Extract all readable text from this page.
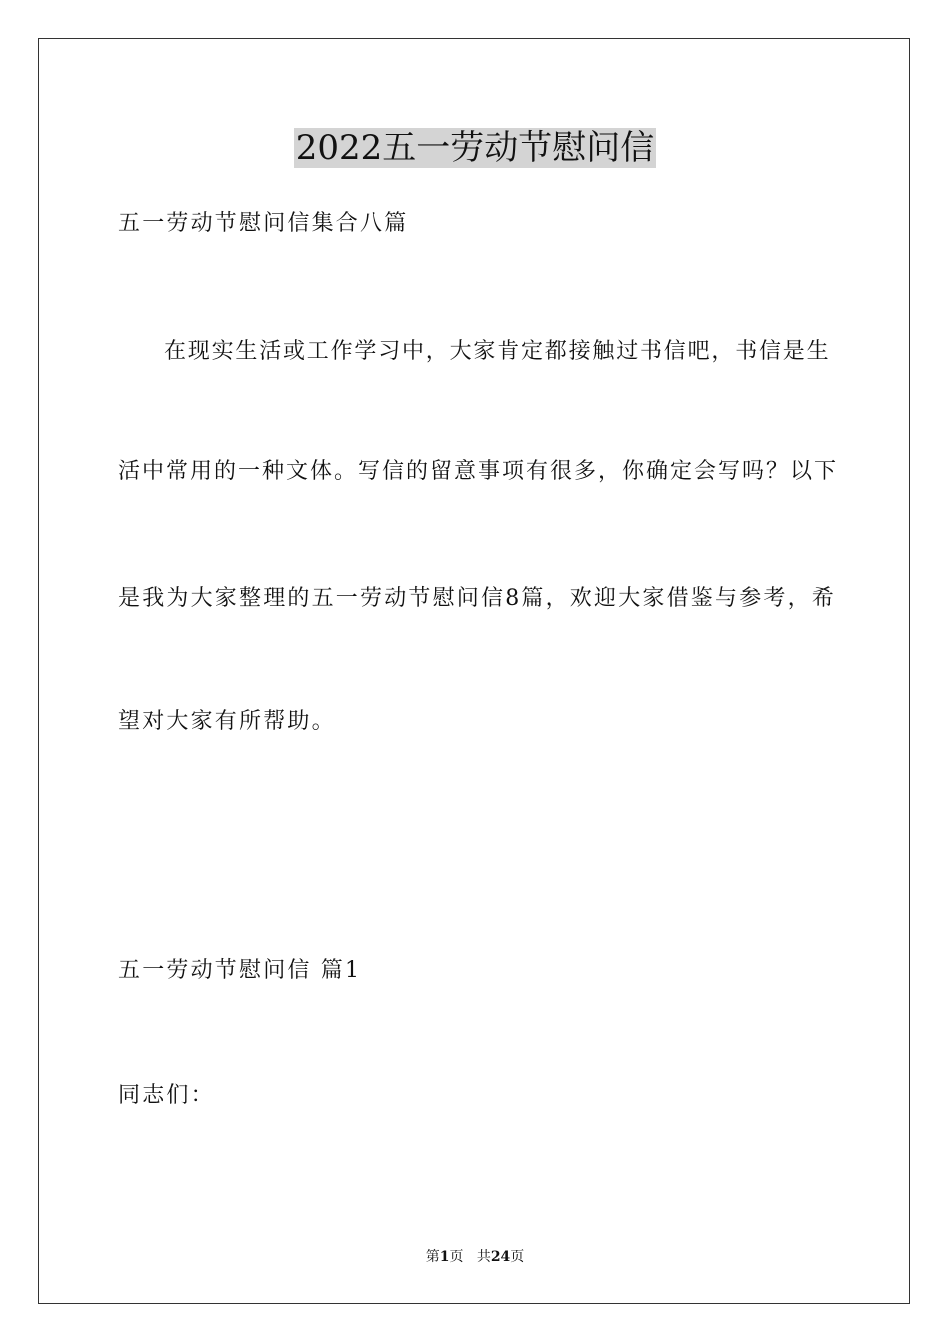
2022五一劳动节慰问信
五一劳动节慰问信集合八篇
在现实生活或工作学习中，大家肯定都接触过书信吧，书信是生
活中常用的一种文体。写信的留意事项有很多，你确定会写吗？以下
是我为大家整理的五一劳动节慰问信8篇，欢迎大家借鉴与参考，希
望对大家有所帮助。
五一劳动节慰问信 篇1
同志们：
第1页 共24页
